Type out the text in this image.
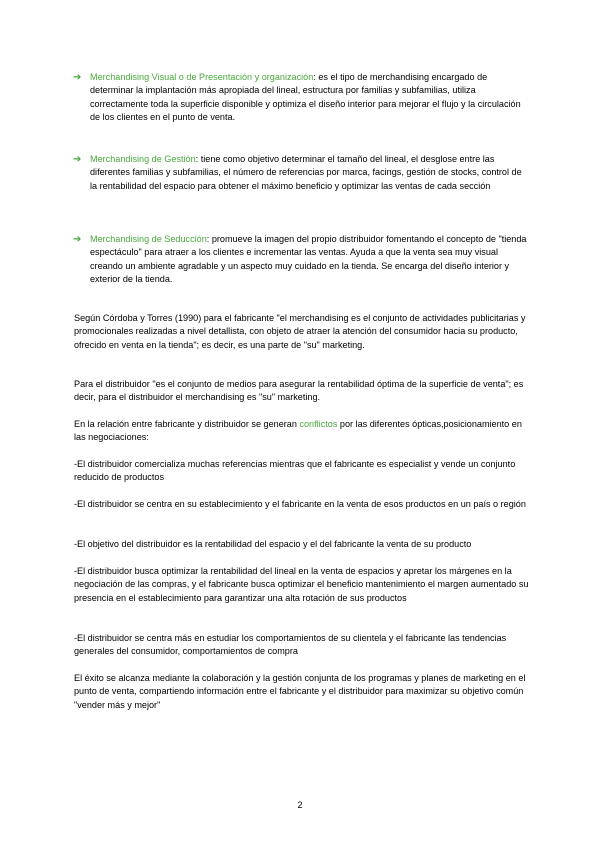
➔ Merchandising Visual o de Presentación y organización: es el tipo de merchandising encargado de determinar la implantación más apropiada del lineal, estructura por familias y subfamilias, utiliza correctamente toda la superficie disponible y optimiza el diseño interior para mejorar el flujo y la circulación de los clientes en el punto de venta.
➔ Merchandising de Gestión: tiene como objetivo determinar el tamaño del lineal, el desglose entre las diferentes familias y subfamilias, el número de referencias por marca, facings, gestión de stocks, control de la rentabilidad del espacio para obtener el máximo beneficio y optimizar las ventas de cada sección
➔ Merchandising de Seducción: promueve la imagen del propio distribuidor fomentando el concepto de "tienda espectáculo" para atraer a los clientes e incrementar las ventas. Ayuda a que la venta sea muy visual creando un ambiente agradable y un aspecto muy cuidado en la tienda. Se encarga del diseño interior y exterior de la tienda.

Según Córdoba y Torres (1990) para el fabricante "el merchandising es el conjunto de actividades publicitarias y promocionales realizadas a nivel detallista, con objeto de atraer la atención del consumidor hacia su producto, ofrecido en venta en la tienda"; es decir, es una parte de "su" marketing.

Para el distribuidor "es el conjunto de medios para asegurar la rentabilidad óptima de la superficie de venta"; es decir, para el distribuidor el merchandising es "su" marketing.

En la relación entre fabricante y distribuidor se generan conflictos por las diferentes ópticas,posicionamiento en las negociaciones:

-El distribuidor comercializa muchas referencias mientras que el fabricante es especialist y vende un conjunto reducido de productos

-El distribuidor se centra en su establecimiento y el fabricante en la venta de esos productos en un país o región

-El objetivo del distribuidor es la rentabilidad del espacio y el del fabricante la venta de su producto

-El distribuidor busca optimizar la rentabilidad del lineal en la venta de espacios y apretar los márgenes en la negociación de las compras, y el fabricante busca optimizar el beneficio mantenimiento el margen aumentado su presencia en el establecimiento para garantizar una alta rotación de sus productos

-El distribuidor se centra más en estudiar los comportamientos de su clientela y el fabricante las tendencias generales del consumidor, comportamientos de compra

El éxito se alcanza mediante la colaboración y la gestión conjunta de los programas y planes de marketing en el punto de venta, compartiendo información entre el fabricante y el distribuidor para maximizar su objetivo común "vender más y mejor"

2
